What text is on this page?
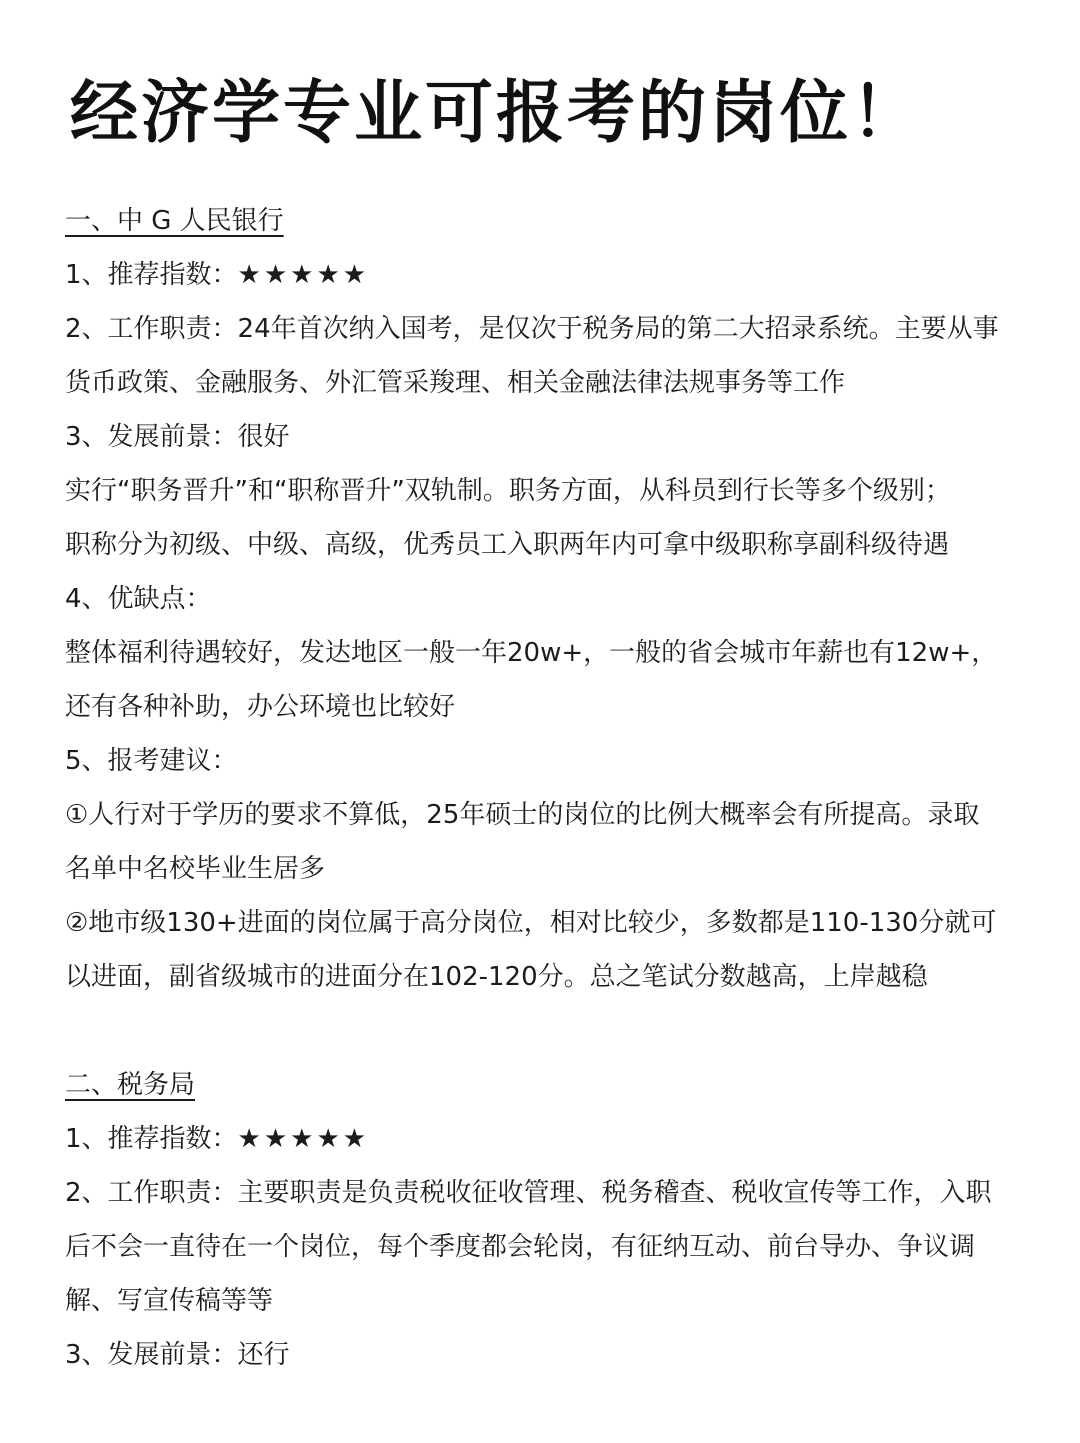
经济学专业可报考的岗位！
一、中 G 人民银行
1、推荐指数：★★★★★
2、工作职责：24年首次纳入国考，是仅次于税务局的第二大招录系统。主要从事
货币政策、金融服务、外汇管采羧理、相关金融法律法规事务等工作
3、发展前景：很好
实行“职务晋升”和“职称晋升”双轨制。职务方面，从科员到行长等多个级别；
职称分为初级、中级、高级，优秀员工入职两年内可拿中级职称享副科级待遇
4、优缺点：
整体福利待遇较好，发达地区一般一年20w+，一般的省会城市年薪也有12w+，
还有各种补助，办公环境也比较好
5、报考建议：
①人行对于学历的要求不算低，25年硕士的岗位的比例大概率会有所提高。录取
名单中名校毕业生居多
②地市级130+进面的岗位属于高分岗位，相对比较少，多数都是110-130分就可
以进面，副省级城市的进面分在102-120分。总之笔试分数越高，上岸越稳
二、税务局
1、推荐指数：★★★★★
2、工作职责：主要职责是负责税收征收管理、税务稽查、税收宣传等工作，入职
后不会一直待在一个岗位，每个季度都会轮岗，有征纳互动、前台导办、争议调
解、写宣传稿等等
3、发展前景：还行
